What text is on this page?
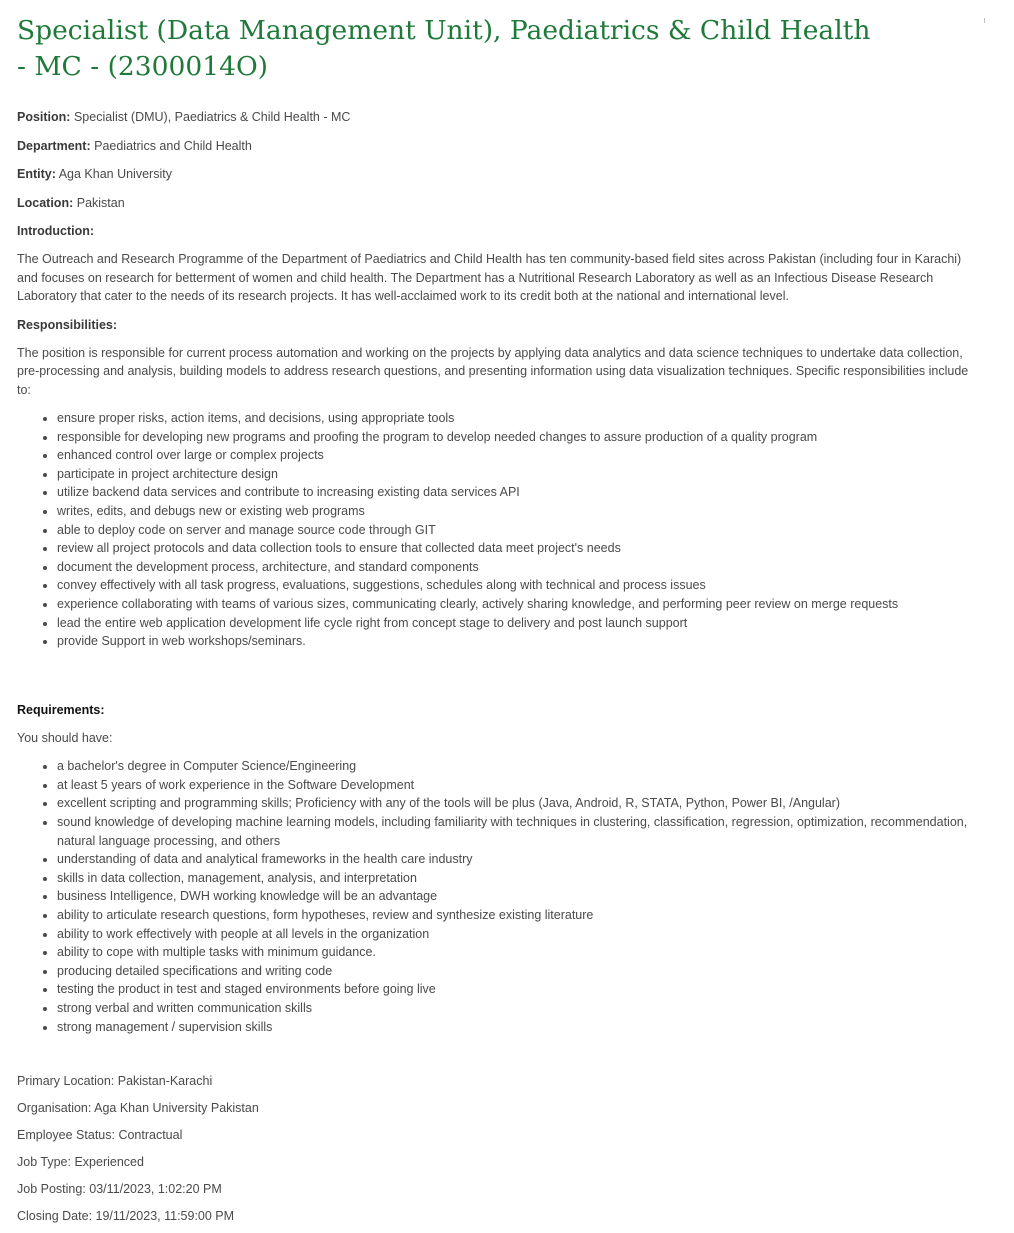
Specialist (Data Management Unit), Paediatrics & Child Health - MC - (2300014O)

Position: Specialist (DMU), Paediatrics & Child Health - MC

Department: Paediatrics and Child Health

Entity: Aga Khan University

Location: Pakistan

Introduction:

The Outreach and Research Programme of the Department of Paediatrics and Child Health has ten community-based field sites across Pakistan (including four in Karachi) and focuses on research for betterment of women and child health. The Department has a Nutritional Research Laboratory as well as an Infectious Disease Research Laboratory that cater to the needs of its research projects. It has well-acclaimed work to its credit both at the national and international level.

Responsibilities:

The position is responsible for current process automation and working on the projects by applying data analytics and data science techniques to undertake data collection, pre-processing and analysis, building models to address research questions, and presenting information using data visualization techniques. Specific responsibilities include to:

• ensure proper risks, action items, and decisions, using appropriate tools
• responsible for developing new programs and proofing the program to develop needed changes to assure production of a quality program
• enhanced control over large or complex projects
• participate in project architecture design
• utilize backend data services and contribute to increasing existing data services API
• writes, edits, and debugs new or existing web programs
• able to deploy code on server and manage source code through GIT
• review all project protocols and data collection tools to ensure that collected data meet project's needs
• document the development process, architecture, and standard components
• convey effectively with all task progress, evaluations, suggestions, schedules along with technical and process issues
• experience collaborating with teams of various sizes, communicating clearly, actively sharing knowledge, and performing peer review on merge requests
• lead the entire web application development life cycle right from concept stage to delivery and post launch support
• provide Support in web workshops/seminars.

Requirements:

You should have:

• a bachelor's degree in Computer Science/Engineering
• at least 5 years of work experience in the Software Development
• excellent scripting and programming skills; Proficiency with any of the tools will be plus (Java, Android, R, STATA, Python, Power BI, /Angular)
• sound knowledge of developing machine learning models, including familiarity with techniques in clustering, classification, regression, optimization, recommendation, natural language processing, and others
• understanding of data and analytical frameworks in the health care industry
• skills in data collection, management, analysis, and interpretation
• business Intelligence, DWH working knowledge will be an advantage
• ability to articulate research questions, form hypotheses, review and synthesize existing literature
• ability to work effectively with people at all levels in the organization
• ability to cope with multiple tasks with minimum guidance.
• producing detailed specifications and writing code
• testing the product in test and staged environments before going live
• strong verbal and written communication skills
• strong management / supervision skills

Primary Location: Pakistan-Karachi

Organisation: Aga Khan University Pakistan

Employee Status: Contractual

Job Type: Experienced

Job Posting: 03/11/2023, 1:02:20 PM

Closing Date: 19/11/2023, 11:59:00 PM
